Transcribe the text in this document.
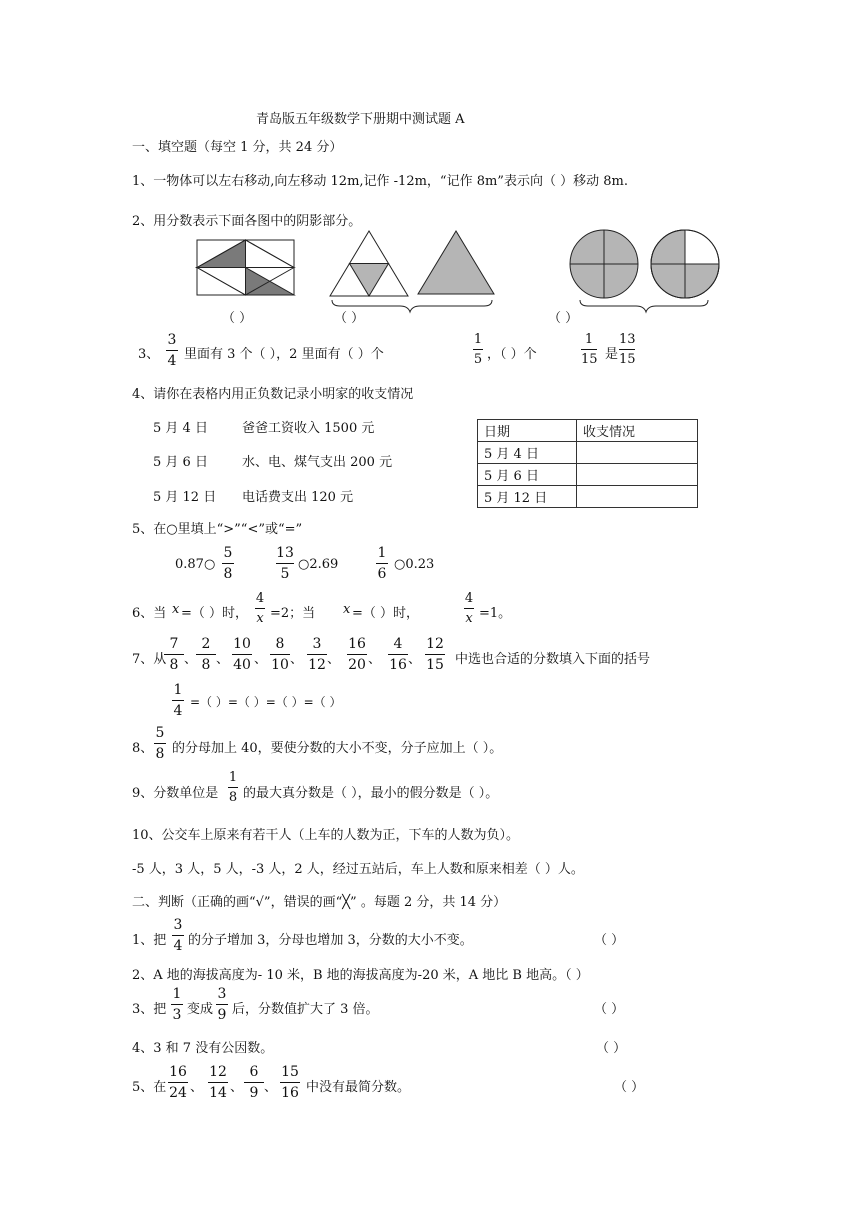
青岛版五年级数学下册期中测试题 A
一、填空题（每空 1 分，共 24 分）
1、一物体可以左右移动,向左移动 12m,记作 -12m，“记作 8m”表示向（ ）移动 8m.
2、用分数表示下面各图中的阴影部分。
（ ）	（ ）	（ ）
3、
3
4 里面有 3 个（ ），2 里面有（ ）个
1
5 ，（ ）个
1
15 是
13
15
4、请你在表格内用正负数记录小明家的收支情况
5 月 4 日	爸爸工资收入 1500 元
5 月 6 日	水、电、煤气支出 200 元
5 月 12 日 电话费支出 120 元
日期	收支情况
5 月 4 日	
5 月 6 日	
5 月 12 日	
5、在○里填上“>”“<”或“=”
0.87○
5
8
13
5
○2.69
1
6
○0.23
6、当 x =（ ）时，
4
x =2；当 x =（ ）时，
4
x =1。
7、从
7
8 、
2
8 、
10
40 、
8
10 、
3
12 、
16
20 、
4
16 、
12
15 中选也合适的分数填入下面的括号
1
4
=（ ）=（ ）=（ ）=（ ）
8、
5
8 的分母加上 40，要使分数的大小不变，分子应加上（ ）。
9、分数单位是
1
8 的最大真分数是（ ），最小的假分数是（ ）。
10、公交车上原来有若干人（上车的人数为正，下车的人数为负）。
-5 人，3 人，5 人，-3 人，2 人，经过五站后，车上人数和原来相差（ ）人。
二、判断（正确的画“√”，错误的画“╳” 。每题 2 分，共 14 分）
1、把
3
4 的分子增加 3，分母也增加 3，分数的大小不变。	（ ）
2、A 地的海拔高度为- 10 米，B 地的海拔高度为-20 米，A 地比 B 地高。（ ）
3、把
1
3 变成
3
9 后，分数值扩大了 3 倍。	（ ）
4、3 和 7 没有公因数。	（ ）
5、在
16
24 、
12
14 、
6
9 、
15
16 中没有最简分数。	（ ）
